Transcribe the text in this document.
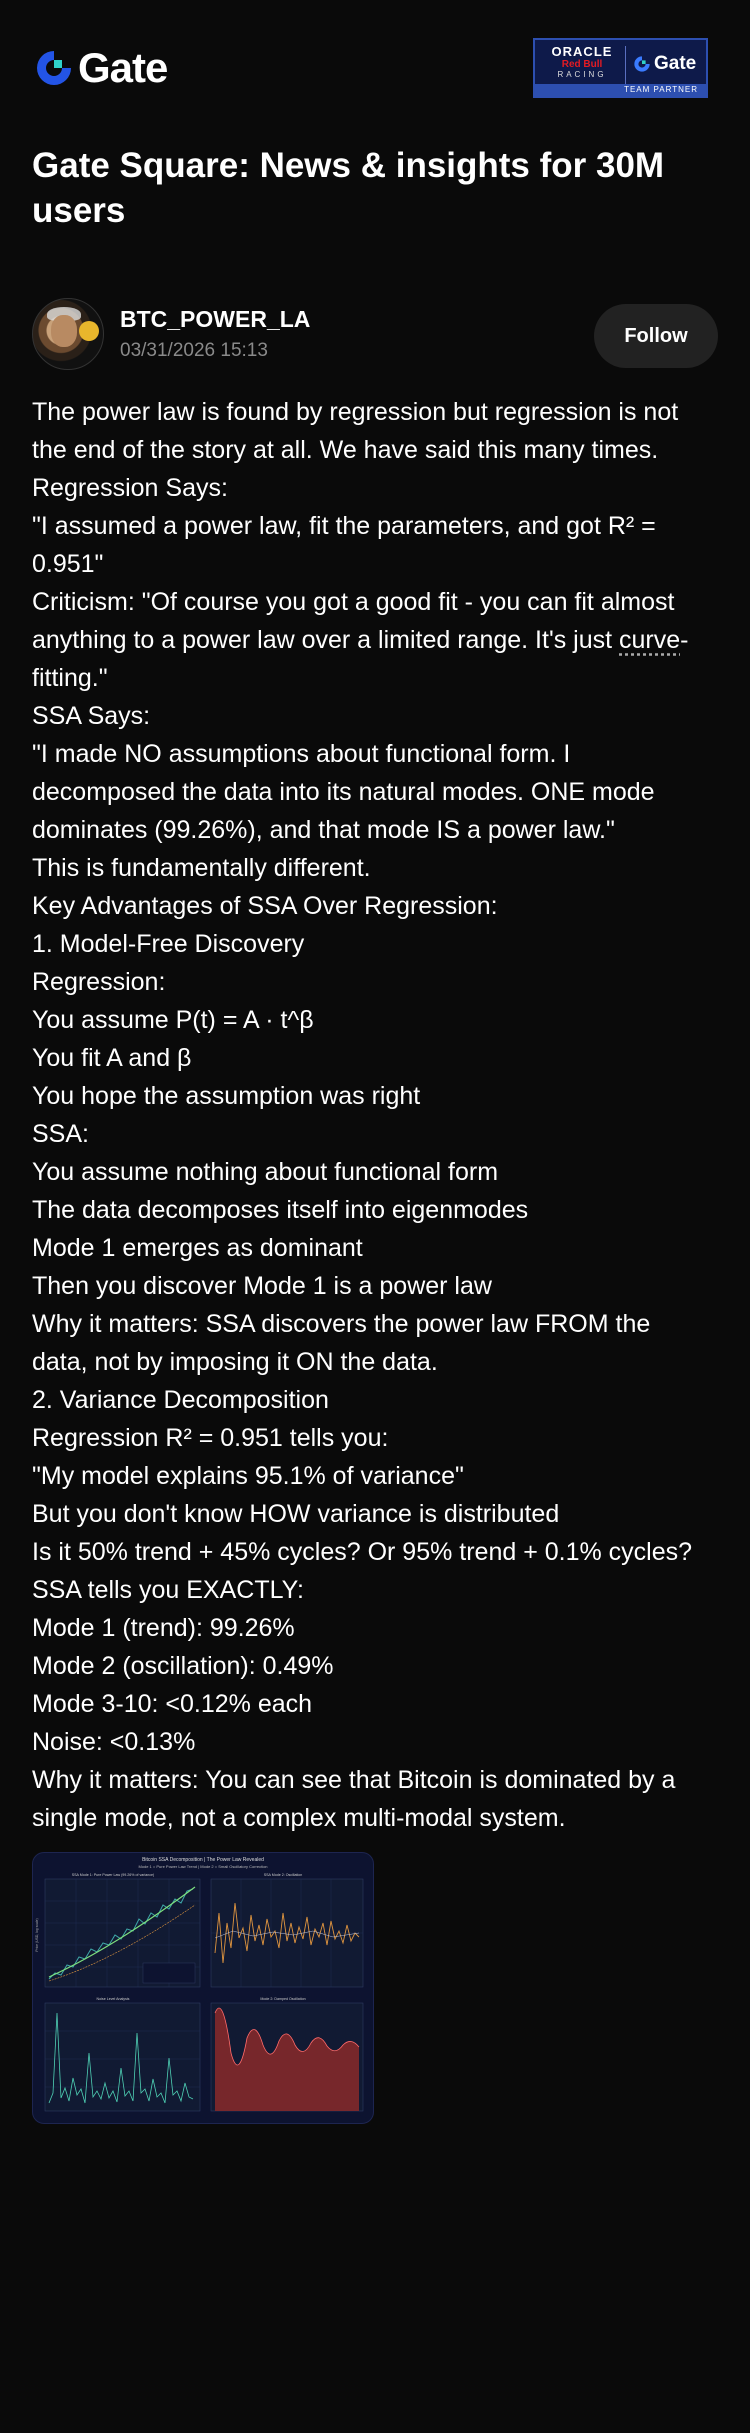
Gate	ORACLE
Red Bull
RACING
Gate
TEAM PARTNER
Gate Square: News & insights for 30M users
BTC_POWER_LA
03/31/2026 15:13
Follow
The power law is found by regression but regression is not
the end of the story at all. We have said this many times.
Regression Says:
"I assumed a power law, fit the parameters, and got R² =
0.951"
Criticism: "Of course you got a good fit - you can fit almost
anything to a power law over a limited range. It's just curve-
fitting."
SSA Says:
"I made NO assumptions about functional form. I
decomposed the data into its natural modes. ONE mode
dominates (99.26%), and that mode IS a power law."
This is fundamentally different.
Key Advantages of SSA Over Regression:
1. Model-Free Discovery
Regression:
You assume P(t) = A · t^β
You fit A and β
You hope the assumption was right
SSA:
You assume nothing about functional form
The data decomposes itself into eigenmodes
Mode 1 emerges as dominant
Then you discover Mode 1 is a power law
Why it matters: SSA discovers the power law FROM the
data, not by imposing it ON the data.
2. Variance Decomposition
Regression R² = 0.951 tells you:
"My model explains 95.1% of variance"
But you don't know HOW variance is distributed
Is it 50% trend + 45% cycles? Or 95% trend + 0.1% cycles?
SSA tells you EXACTLY:
Mode 1 (trend): 99.26%
Mode 2 (oscillation): 0.49%
Mode 3-10: <0.12% each
Noise: <0.13%
Why it matters: You can see that Bitcoin is dominated by a
single mode, not a complex multi-modal system.
Bitcoin SSA Decomposition | The Power Law Revealed
Mode 1 = Pure Power Law Trend | Mode 2 = Small Oscillatory Correction
SSA Mode 1: Pure Power Law (99.26% of variance)
Price (USD, log scale)
SSA Mode 2: Oscillation
Noise Level Analysis	Mode 2: Damped Oscillation
